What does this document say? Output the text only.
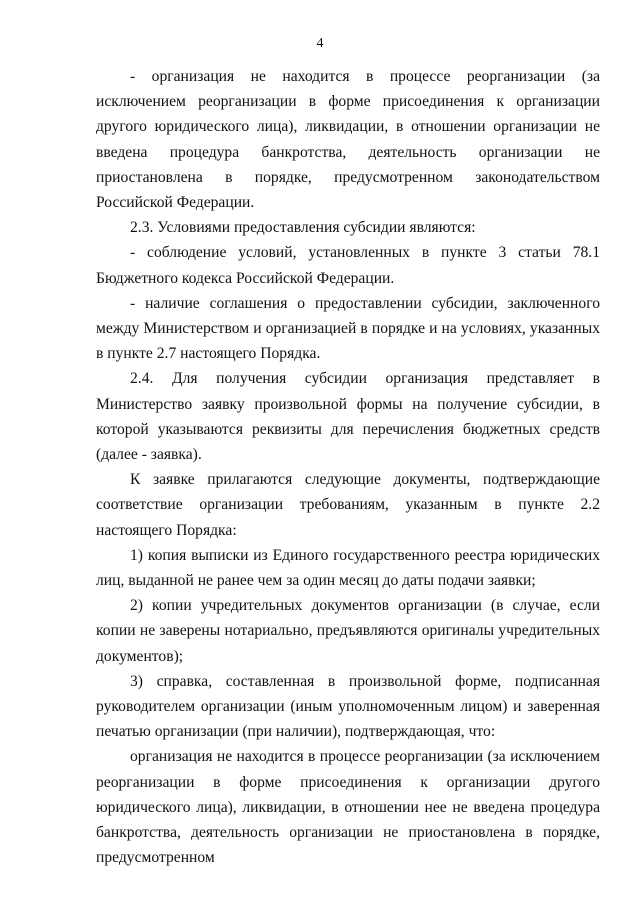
4

- организация не находится в процессе реорганизации (за исключением реорганизации в форме присоединения к организации другого юридического лица), ликвидации, в отношении организации не введена процедура банкротства, деятельность организации не приостановлена в порядке, предусмотренном законодательством Российской Федерации.

2.3. Условиями предоставления субсидии являются:

- соблюдение условий, установленных в пункте 3 статьи 78.1 Бюджетного кодекса Российской Федерации.

- наличие соглашения о предоставлении субсидии, заключенного между Министерством и организацией в порядке и на условиях, указанных в пункте 2.7 настоящего Порядка.

2.4. Для получения субсидии организация представляет в Министерство заявку произвольной формы на получение субсидии, в которой указываются реквизиты для перечисления бюджетных средств (далее - заявка).

К заявке прилагаются следующие документы, подтверждающие соответствие организации требованиям, указанным в пункте 2.2 настоящего Порядка:

1) копия выписки из Единого государственного реестра юридических лиц, выданной не ранее чем за один месяц до даты подачи заявки;

2) копии учредительных документов организации (в случае, если копии не заверены нотариально, предъявляются оригиналы учредительных документов);

3) справка, составленная в произвольной форме, подписанная руководителем организации (иным уполномоченным лицом) и заверенная печатью организации (при наличии), подтверждающая, что:

организация не находится в процессе реорганизации (за исключением реорганизации в форме присоединения к организации другого юридического лица), ликвидации, в отношении нее не введена процедура банкротства, деятельность организации не приостановлена в порядке, предусмотренном
